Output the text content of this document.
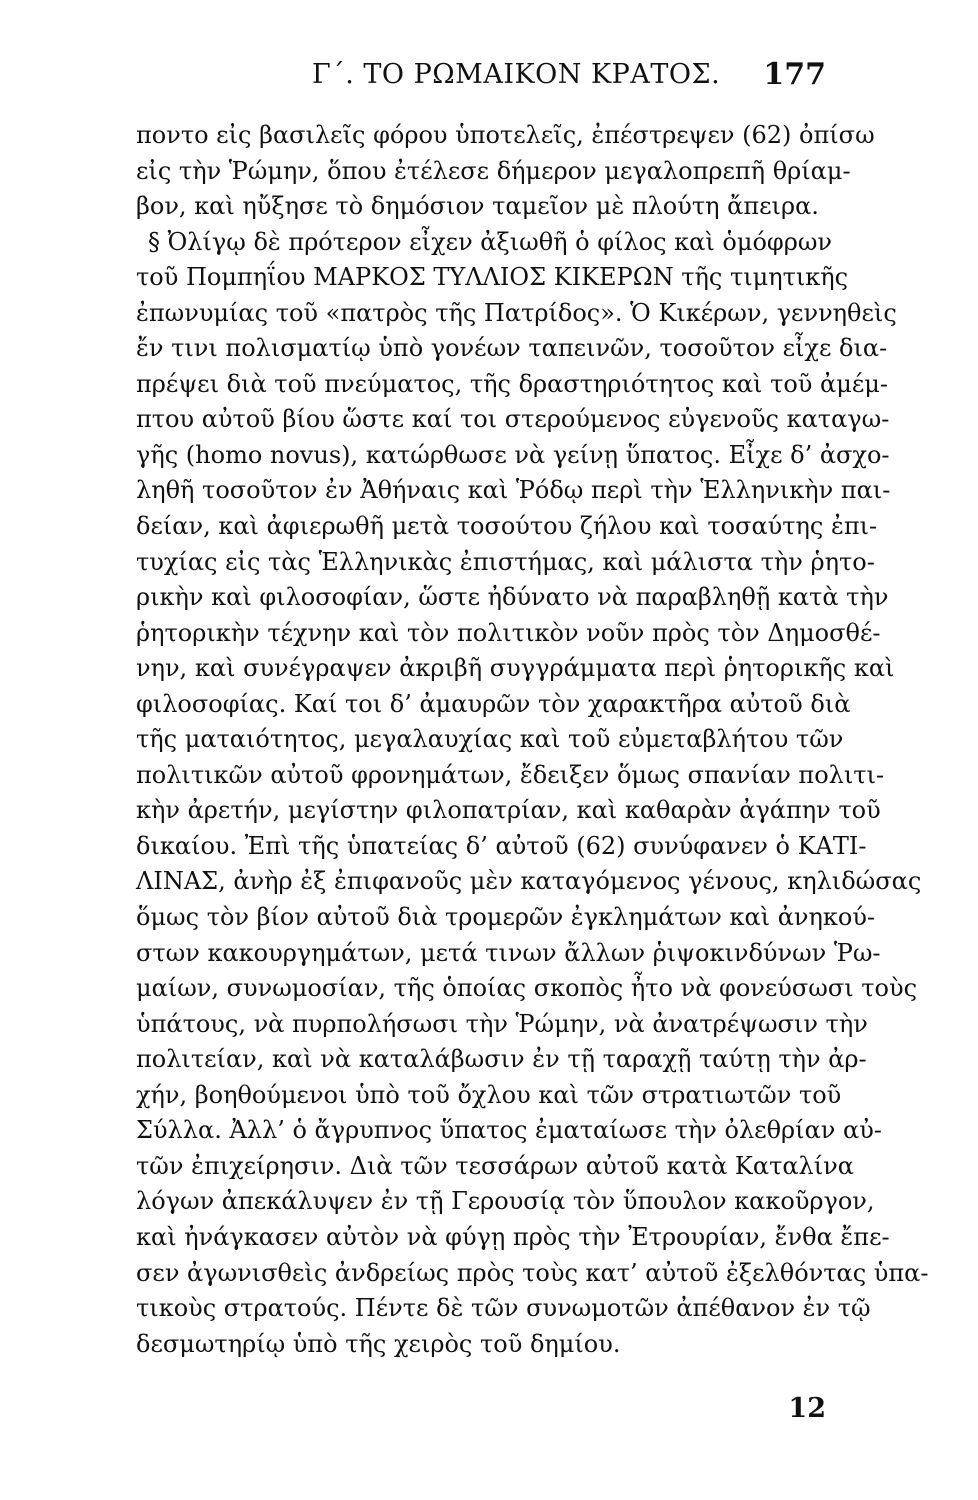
Γ΄. ΤΟ ΡΩΜΑΙΚΟΝ ΚΡΑΤΟΣ. 177
ποντο εἰς βασιλεῖς φόρου ὑποτελεῖς, ἐπέστρεψεν (62) ὀπίσω
εἰς τὴν Ῥώμην, ὅπου ἐτέλεσε δήμερον μεγαλοπρεπῆ θρίαμ-
βον, καὶ ηὔξησε τὸ δημόσιον ταμεῖον μὲ πλούτη ἄπειρα.
§ Ὀλίγῳ δὲ πρότερον εἶχεν ἀξιωθῆ ὁ φίλος καὶ ὁμόφρων
τοῦ Πομπηΐου ΜΑΡΚΟΣ ΤΥΛΛΙΟΣ ΚΙΚΕΡΩΝ τῆς τιμητικῆς
ἐπωνυμίας τοῦ «πατρὸς τῆς Πατρίδος». Ὁ Κικέρων, γεννηθεὶς
ἔν τινι πολισματίῳ ὑπὸ γονέων ταπεινῶν, τοσοῦτον εἶχε δια-
πρέψει διὰ τοῦ πνεύματος, τῆς δραστηριότητος καὶ τοῦ ἀμέμ-
πτου αὐτοῦ βίου ὥστε καί τοι στερούμενος εὐγενοῦς καταγω-
γῆς (homo novus), κατώρθωσε νὰ γείνῃ ὕπατος. Εἶχε δ’ ἀσχο-
ληθῆ τοσοῦτον ἐν Ἀθήναις καὶ Ῥόδῳ περὶ τὴν Ἑλληνικὴν παι-
δείαν, καὶ ἀφιερωθῆ μετὰ τοσούτου ζήλου καὶ τοσαύτης ἐπι-
τυχίας εἰς τὰς Ἑλληνικὰς ἐπιστήμας, καὶ μάλιστα τὴν ῥητο-
ρικὴν καὶ φιλοσοφίαν, ὥστε ἠδύνατο νὰ παραβληθῇ κατὰ τὴν
ῥητορικὴν τέχνην καὶ τὸν πολιτικὸν νοῦν πρὸς τὸν Δημοσθέ-
νην, καὶ συνέγραψεν ἀκριβῆ συγγράμματα περὶ ῥητορικῆς καὶ
φιλοσοφίας. Καί τοι δ’ ἀμαυρῶν τὸν χαρακτῆρα αὐτοῦ διὰ
τῆς ματαιότητος, μεγαλαυχίας καὶ τοῦ εὐμεταβλήτου τῶν
πολιτικῶν αὐτοῦ φρονημάτων, ἔδειξεν ὅμως σπανίαν πολιτι-
κὴν ἀρετήν, μεγίστην φιλοπατρίαν, καὶ καθαρὰν ἀγάπην τοῦ
δικαίου. Ἐπὶ τῆς ὑπατείας δ’ αὐτοῦ (62) συνύφανεν ὁ ΚΑΤΙ-
ΛΙΝΑΣ, ἀνὴρ ἐξ ἐπιφανοῦς μὲν καταγόμενος γένους, κηλιδώσας
ὅμως τὸν βίον αὐτοῦ διὰ τρομερῶν ἐγκλημάτων καὶ ἀνηκού-
στων κακουργημάτων, μετά τινων ἄλλων ῥιψοκινδύνων Ῥω-
μαίων, συνωμοσίαν, τῆς ὁποίας σκοπὸς ἦτο νὰ φονεύσωσι τοὺς
ὑπάτους, νὰ πυρπολήσωσι τὴν Ῥώμην, νὰ ἀνατρέψωσιν τὴν
πολιτείαν, καὶ νὰ καταλάβωσιν ἐν τῇ ταραχῇ ταύτῃ τὴν ἀρ-
χήν, βοηθούμενοι ὑπὸ τοῦ ὄχλου καὶ τῶν στρατιωτῶν τοῦ
Σύλλα. Ἀλλ’ ὁ ἄγρυπνος ὕπατος ἐματαίωσε τὴν ὀλεθρίαν αὐ-
τῶν ἐπιχείρησιν. Διὰ τῶν τεσσάρων αὐτοῦ κατὰ Καταλίνα
λόγων ἀπεκάλυψεν ἐν τῇ Γερουσίᾳ τὸν ὕπουλον κακοῦργον,
καὶ ἠνάγκασεν αὐτὸν νὰ φύγῃ πρὸς τὴν Ἐτρουρίαν, ἔνθα ἔπε-
σεν ἀγωνισθεὶς ἀνδρείως πρὸς τοὺς κατ’ αὐτοῦ ἐξελθόντας ὑπα-
τικοὺς στρατούς. Πέντε δὲ τῶν συνωμοτῶν ἀπέθανον ἐν τῷ
δεσμωτηρίῳ ὑπὸ τῆς χειρὸς τοῦ δημίου.
12
